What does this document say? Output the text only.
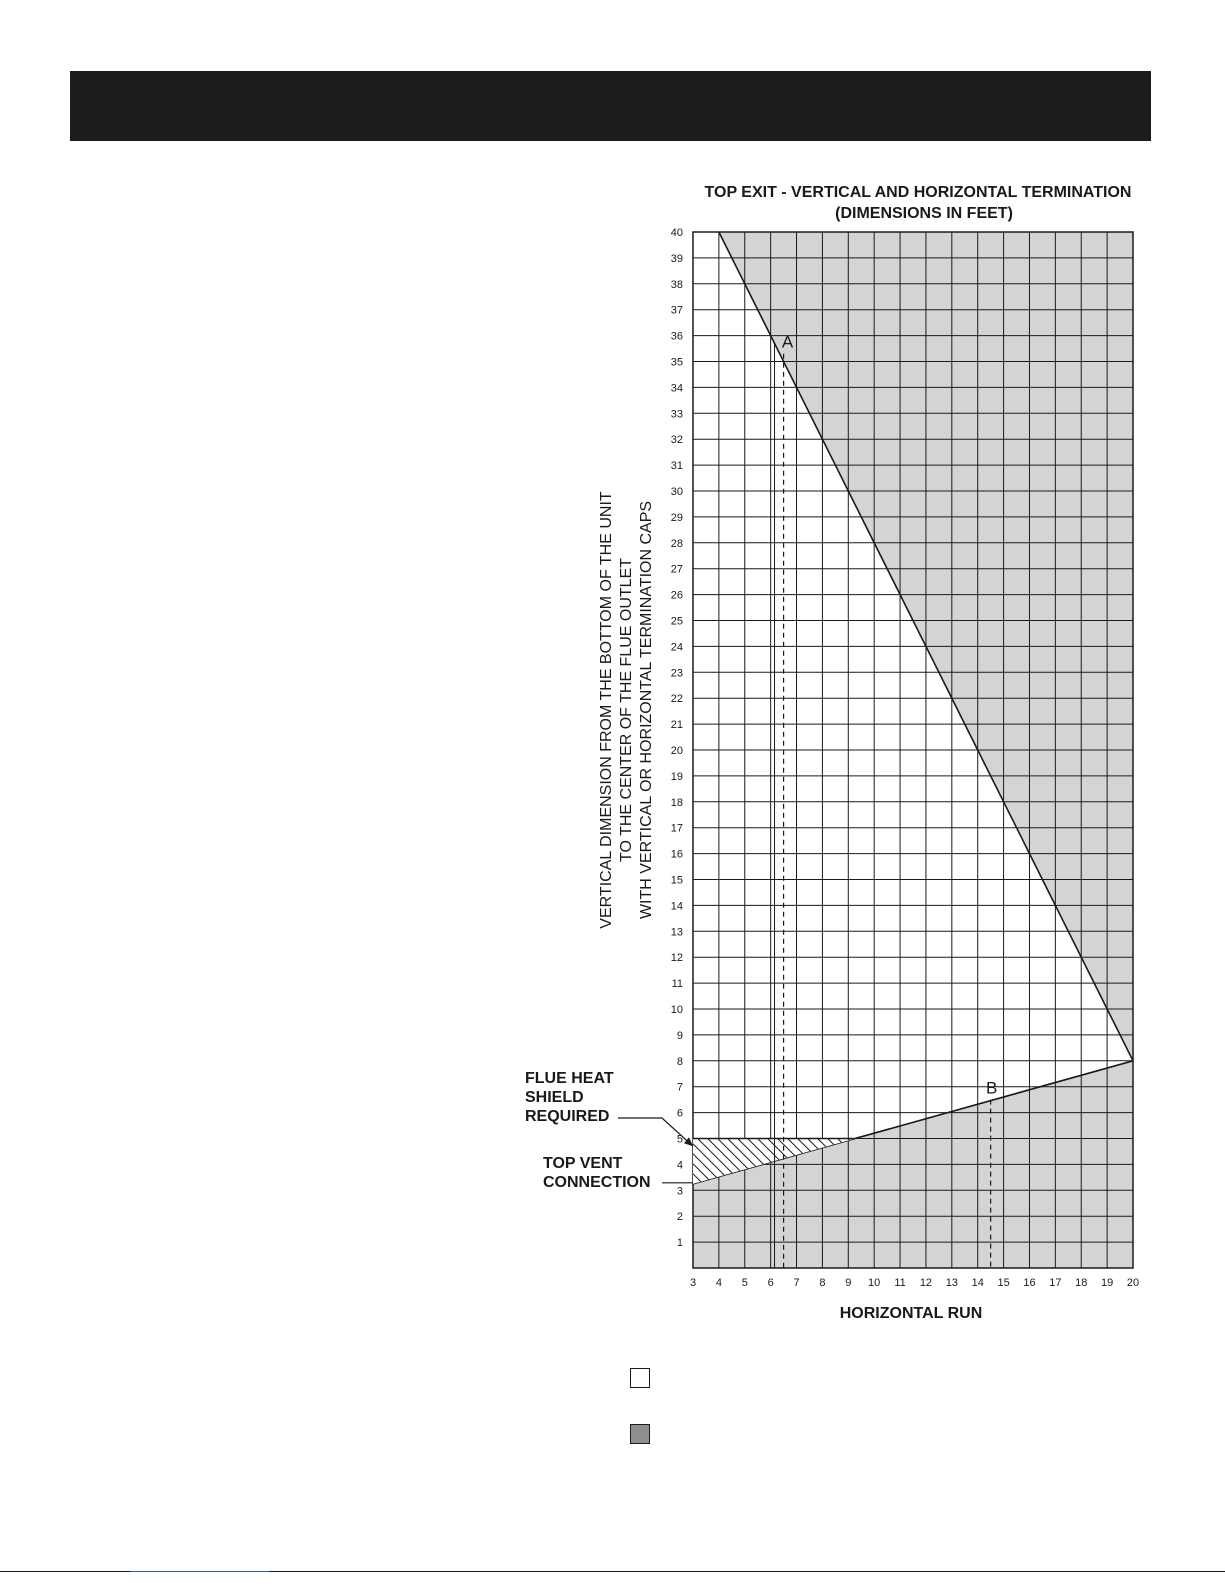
TOP EXIT - VERTICAL AND HORIZONTAL TERMINATION
(DIMENSIONS IN FEET)
A
B
1
2
3
4
5
6
7
8
9
10
11
12
13
14
15
16
17
18
19
20
21
22
23
24
25
26
27
28
29
30
31
32
33
34
35
36
37
38
39
40
3 4 5 6 7 8 9 10 11 12 13 14 15 16 17 18 19 20
HORIZONTAL RUN
VERTICAL DIMENSION FROM THE BOTTOM OF THE UNIT TO THE CENTER OF THE FLUE OUTLET WITH VERTICAL OR HORIZONTAL TERMINATION CAPS
FLUE HEAT
SHIELD
REQUIRED
TOP VENT
CONNECTION
